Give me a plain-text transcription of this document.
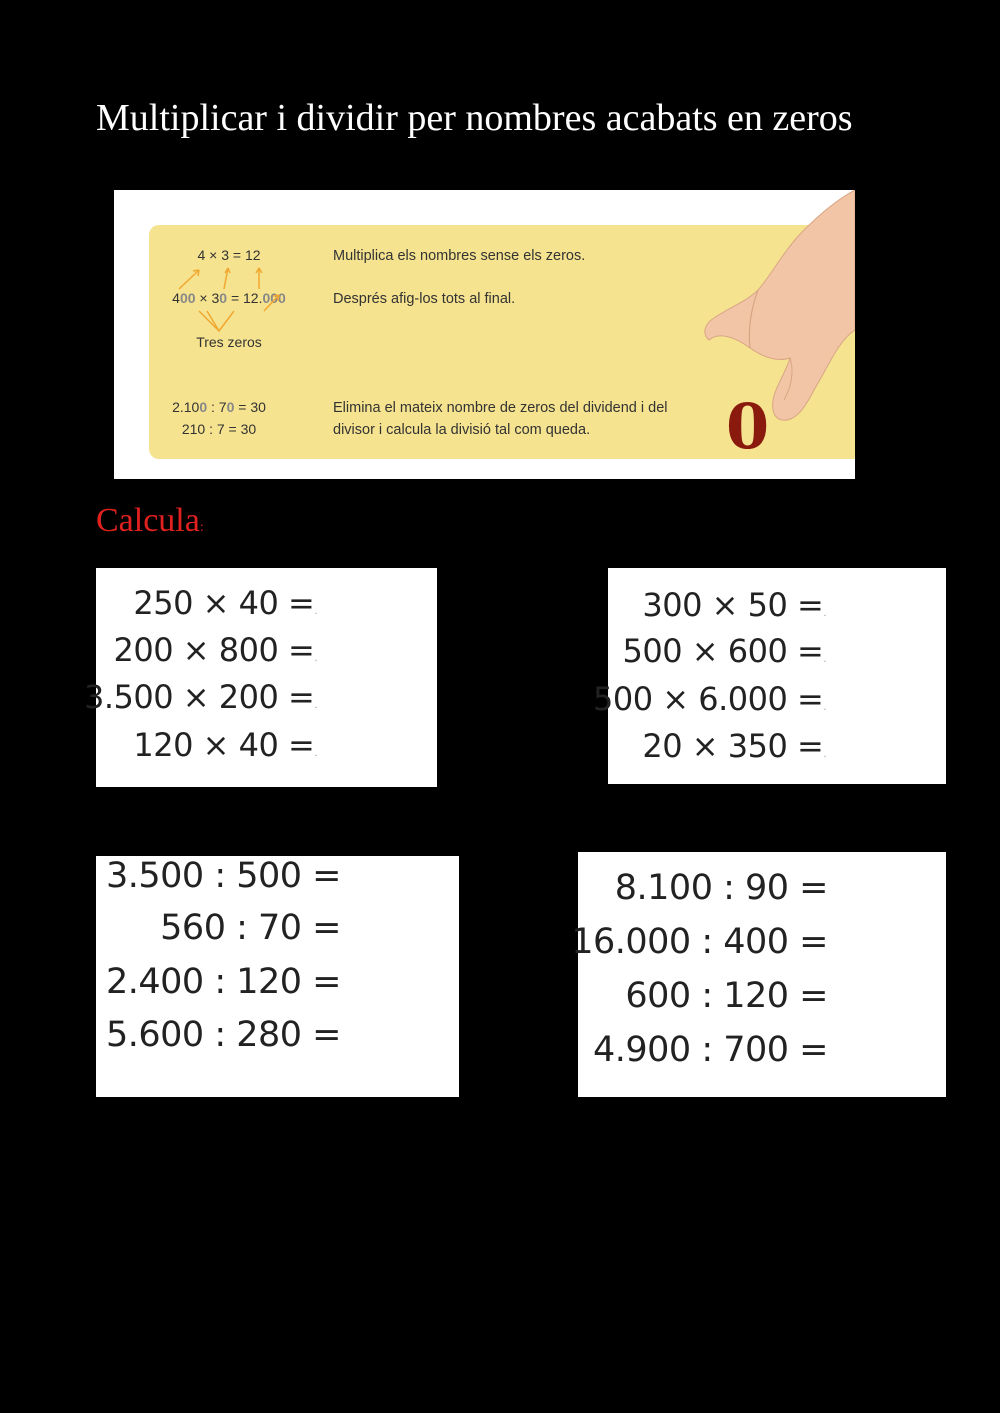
Multiplicar i dividir per nombres acabats en zeros
4 × 3 = 12
400 × 30 = 12.000
Tres zeros
2.100 : 70 = 30
210 : 7 = 30
Multiplica els nombres sense els zeros.
Després afig-los tots al final.
Elimina el mateix nombre de zeros del dividend i del
divisor i calcula la divisió tal com queda. 0
Calcula:
250 × 40 =.
200 × 800 =.
3.500 × 200 =.
120 × 40 =.
300 × 50 =.
500 × 600 =.
500 × 6.000 =.
20 × 350 =.
3.500 : 500 =
560 : 70 =
2.400 : 120 =
5.600 : 280 =
8.100 : 90 =
16.000 : 400 =
600 : 120 =
4.900 : 700 =
